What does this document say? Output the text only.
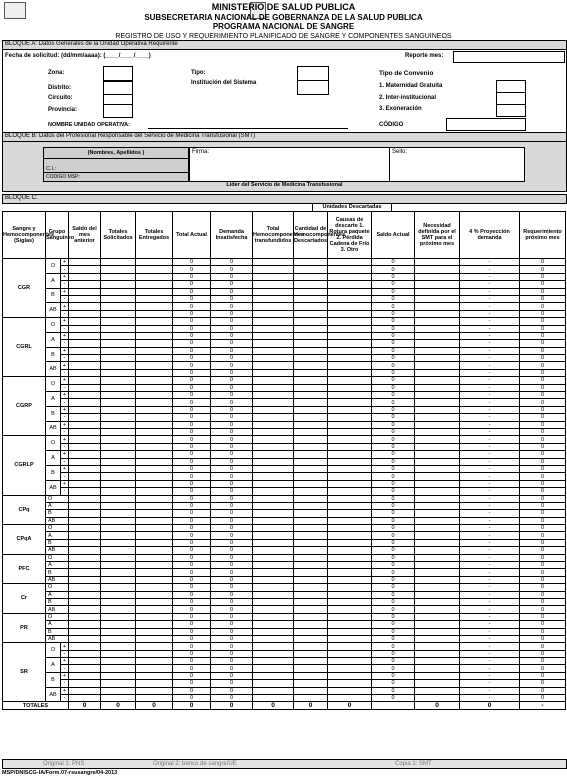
MINISTERIO DE SALUD PUBLICA
SUBSECRETARIA NACIONAL DE GOBERNANZA DE LA SALUD PUBLICA
PROGRAMA NACIONAL DE SANGRE
REGISTRO DE USO Y REQUERIMIENTO PLANIFICADO DE SANGRE Y COMPONENTES SANGUINEOS
BLOQUE A: Datos Generales de la Unidad Operativa Requirente
Fecha de solicitud: (dd/mm/aaaa): (____/____/____)	Reporte mes:
Zona:
Distrito:
Circuito:
Provincia:
Tipo:
Institución del Sistema
Tipo de Convenio
1. Maternidad Gratuita
2. Inter-institucional
3. Exoneración
NOMBRE UNIDAD OPERATIVA:	CÓDIGO
BLOQUE B: Datos del Profesional Responsable del Servicio de Medicina Transfusional (SMT)
(Nombres, Apellidos )
C.I.:
CODIGO MSP:
Firma:	Sello:
Lider del Servicio de Medicina Transfusional
BLOQUE C:
Unidades Descartadas
Sangre y Hemocomponentes (Siglas)	Grupo Sanguíneo		Saldo del mes anterior	Totales Solicitados	Totales Entregados	Total Actual	Demanda Insatisfecha	Total Hemocomponentes transfundidos	Cantidad de Hemocomponentes Descartados	Causas de descarte 1. Rotura paquete 2. Pérdida Cadena de Frío 3. Otro	Saldo Actual	Necesidad definida por el SMT para el próximo mes	4 % Proyección demanda	Requerimiento próximo mes	
CGR	O	+				0	0				0		-	0	
		-				0	0				0		-	0	
	A	+				0	0				0		-	0	
		-				0	0				0		-	0	
	B	+				0	0				0		-	0	
		-				0	0				0		-	0	
	AB	+				0	0				0		-	0	
		-				0	0				0		-	0	
CGRL	O	+				0	0				0		-	0	
		-				0	0				0		-	0	
	A	+				0	0				0		-	0	
		-				0	0				0		-	0	
	B	+				0	0				0		-	0	
		-				0	0				0		-	0	
	AB	+				0	0				0		-	0	
		-				0	0				0		-	0	
CGRP	O	+				0	0				0		-	0	
		-				0	0				0		-	0	
	A	+				0	0				0		-	0	
		-				0	0				0		-	0	
	B	+				0	0				0		-	0	
		-				0	0				0		-	0	
	AB	+				0	0				0		-	0	
		-				0	0				0		-	0	
CGRLP	O	+				0	0				0		-	0	
		-				0	0				0		-	0	
	A	+				0	0				0		-	0	
		-				0	0				0		-	0	
	B	+				0	0				0		-	0	
		-				0	0				0		-	0	
	AB	+				0	0				0		-	0	
		-				0	0				0		-	0	
CPq	O					0	0				0		-	0	
	A					0	0				0		-	0	
	B					0	0				0		-	0	
	AB					0	0				0		-	0	
CPqA	O					0	0				0		-	0	
	A					0	0				0		-	0	
	B					0	0				0		-	0	
	AB					0	0				0		-	0	
PFC	O					0	0				0		-	0	
	A					0	0				0		-	0	
	B					0	0				0		-	0	
	AB					0	0				0		-	0	
Cr	O					0	0				0		-	0	
	A					0	0				0		-	0	
	B					0	0				0		-	0	
	AB					0	0				0		-	0	
PR	O					0	0				0		-	0	
	A					0	0				0		-	0	
	B					0	0				0		-	0	
	AB					0	0				0		-	0	
SR	O	+				0	0				0		-	0	
		-				0	0				0		-	0	
	A	+				0	0				0		-	0	
		-				0	0				0		-	0	
	B	+				0	0				0		-	0	
		-				0	0				0		-	0	
	AB	+				0	0				0		-	0	
		-				0	0				0		-	0	
TOTALES			0	0	0	0	0	0	0	0		0	0	-	
Original 1: PNS	Original 2: banco de sangre/UE	Copia 1: SMT
MSP/DNISCG-IA/Form.07-rsusangre/04-2013
